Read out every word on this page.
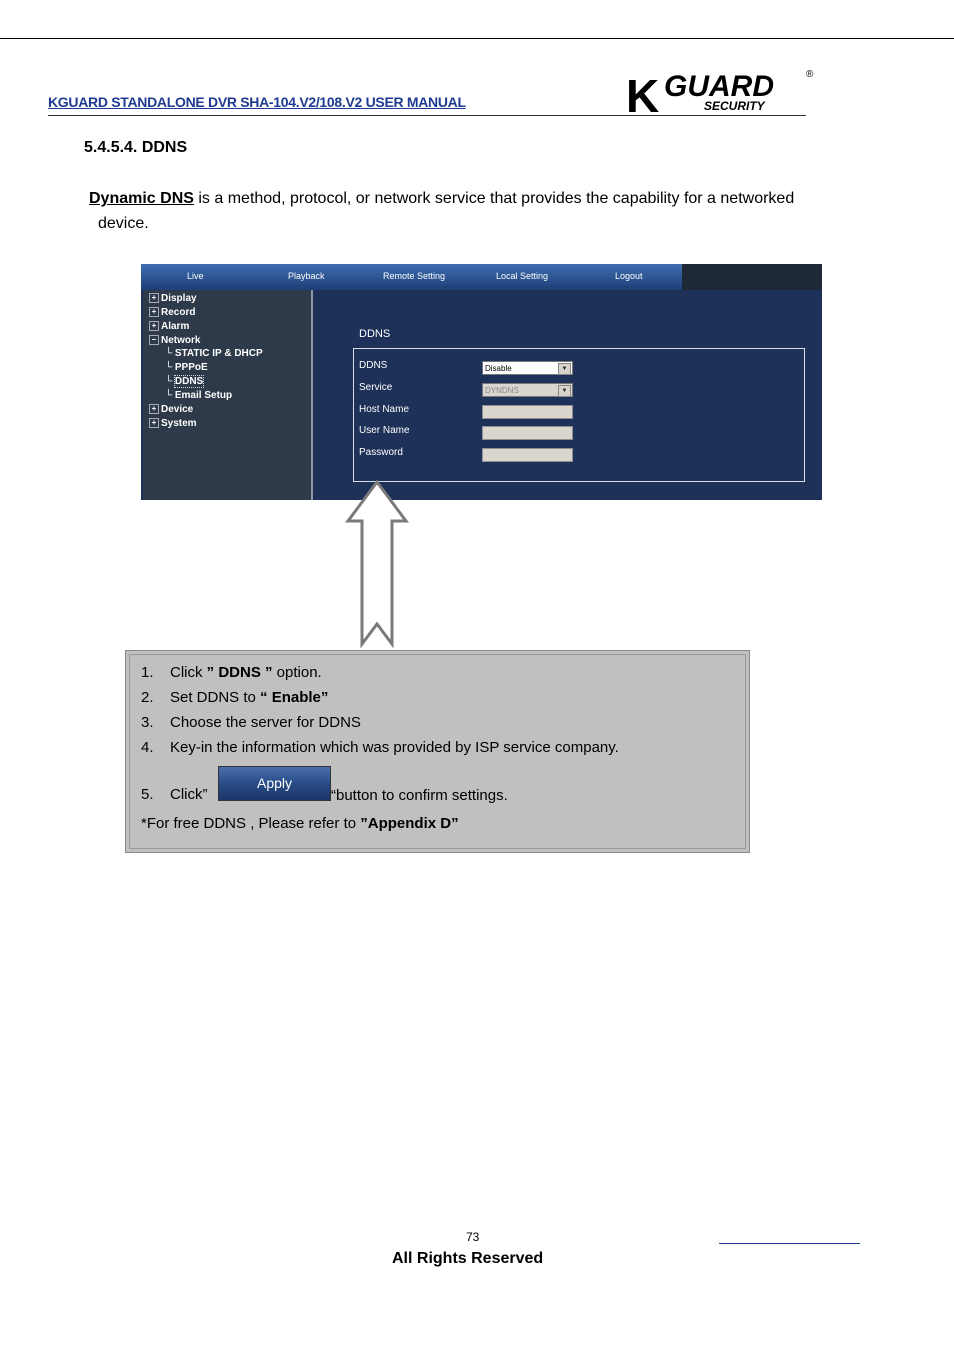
KGUARD STANDALONE DVR SHA-104.V2/108.V2 USER MANUAL	K GUARD
SECURITY
®
5.4.5.4. DDNS
Dynamic DNS is a method, protocol, or network service that provides the capability for a networked
device.
Live	Playback	Remote Setting	Local Setting	Logout
+ Display
+ Record
+ Alarm
− Network
└ STATIC IP & DHCP
└ PPPoE
└ DDNS
└ Email Setup
+ Device
+ System
DDNS
DDNS	Disable	▼
Service	DYNDNS	▼
Host Name
User Name
Password
1. Click ” DDNS ” option.
2. Set DDNS to “ Enable”
3. Choose the server for DDNS
4. Key-in the information which was provided by ISP service company.
5. Click”
Apply
“button to confirm settings.
*For free DDNS , Please refer to ”Appendix D”
73
All Rights Reserved
